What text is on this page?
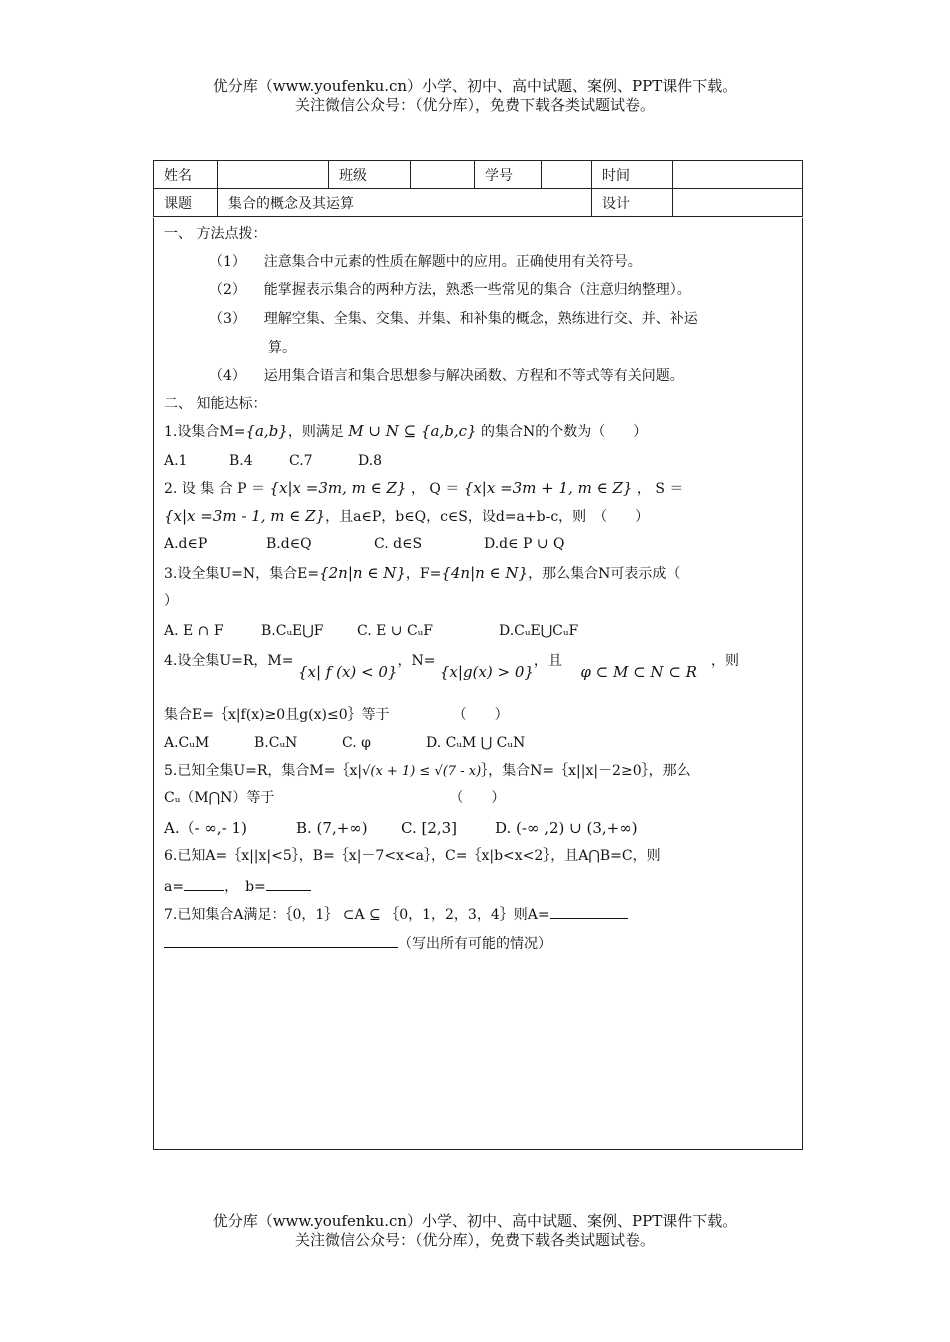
优分库（www.youfenku.cn）小学、初中、高中试题、案例、PPT课件下载。
关注微信公众号：（优分库），免费下载各类试题试卷。
姓名		班级		学号		时间	
课题	集合的概念及其运算					设计	
一、 方法点拨：
（1） 注意集合中元素的性质在解题中的应用。正确使用有关符号。
（2） 能掌握表示集合的两种方法，熟悉一些常见的集合（注意归纳整理）。
（3） 理解空集、全集、交集、并集、和补集的概念，熟练进行交、并、补运
算。
（4） 运用集合语言和集合思想参与解决函数、方程和不等式等有关问题。
二、 知能达标：
1.设集合M={a,b}，则满足 M ∪ N ⊆ {a,b,c} 的集合N的个数为（　　）
A.1	B.4	C.7	D.8
2. 设 集 合 P ＝ {x|x =3m, m ∈ Z} ， Q ＝ {x|x =3m + 1, m ∈ Z} ， S ＝
{x|x =3m - 1, m ∈ Z}，且a∈P，b∈Q，c∈S，设d=a+b-c，则　（　　）
A.d∈P	B.d∈Q	C. d∈S	D.d∈ P ∪ Q
3.设全集U=N，集合E={2n|n ∈ N}，F={4n|n ∈ N}，那么集合N可表示成（
）
A. E ∩ F	B.CᵤE⋃F C. E ∪ CᵤF	D.CᵤE⋃CᵤF
4.设全集U=R，M= {x| f (x) < 0}，N= {x|g(x) > 0}，且 φ ⊂ M ⊂ N ⊂ R，则
集合E=｛x|f(x)≥0且g(x)≤0｝等于　　　　　（　　）
A.CᵤM	B.CᵤN	C. φ	D. CᵤM ⋃ CᵤN
5.已知全集U=R，集合M=｛x|√(x + 1) ≤ √(7 - x)｝，集合N=｛x||x|－2≥0｝，那么
Cᵤ（M⋂N）等于　　　　　　　　　　　　　（　　）
A.（- ∞,- 1)	B. (7,+∞) C. [2,3]	D. (-∞ ,2) ∪ (3,+∞)
6.已知A=｛x||x|<5｝，B=｛x|－7<x<a｝，C=｛x|b<x<2｝，且A⋂B=C，则
a=	，　b=
7.已知集合A满足：｛0，1｝ ⊂A ⊆ ｛0，1，2，3，4｝则A=
（写出所有可能的情况）
优分库（www.youfenku.cn）小学、初中、高中试题、案例、PPT课件下载。
关注微信公众号：（优分库），免费下载各类试题试卷。
